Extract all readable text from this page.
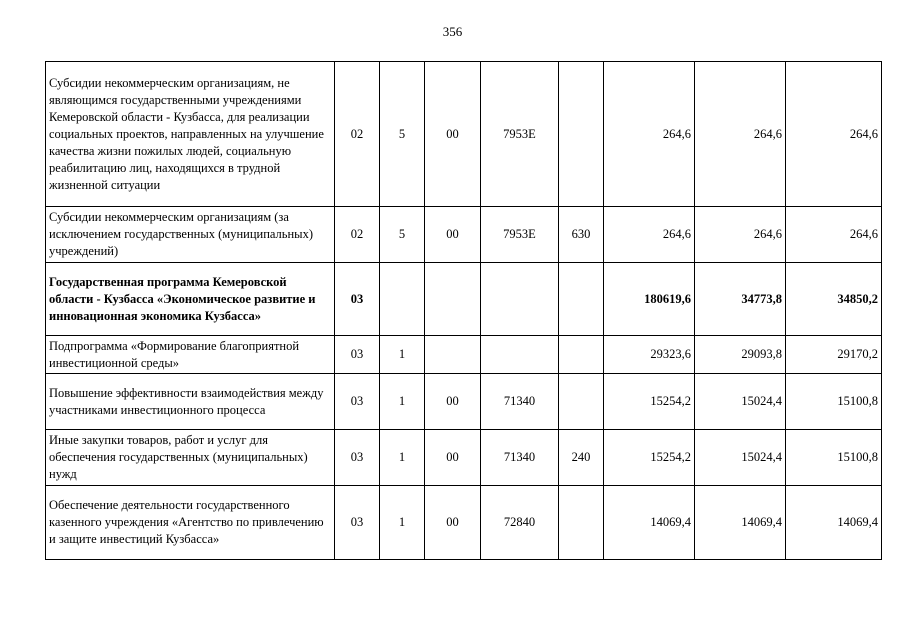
356
Субсидии некоммерческим организациям, не являющимся государственными учреждениями Кемеровской области - Кузбасса, для реализации социальных проектов, направленных на улучшение качества жизни пожилых людей, социальную реабилитацию лиц, находящихся в трудной жизненной ситуации	02	5	00	7953E		264,6	264,6	264,6
Субсидии некоммерческим организациям (за исключением государственных (муниципальных) учреждений)	02	5	00	7953E	630	264,6	264,6	264,6
Государственная программа Кемеровской области - Кузбасса «Экономическое развитие и инновационная экономика Кузбасса»	03					180619,6	34773,8	34850,2
Подпрограмма «Формирование благоприятной инвестиционной среды»	03	1				29323,6	29093,8	29170,2
Повышение эффективности взаимодействия между участниками инвестиционного процесса	03	1	00	71340		15254,2	15024,4	15100,8
Иные закупки товаров, работ и услуг для обеспечения государственных (муниципальных) нужд	03	1	00	71340	240	15254,2	15024,4	15100,8
Обеспечение деятельности государственного казенного учреждения «Агентство по привлечению и защите инвестиций Кузбасса»	03	1	00	72840		14069,4	14069,4	14069,4
